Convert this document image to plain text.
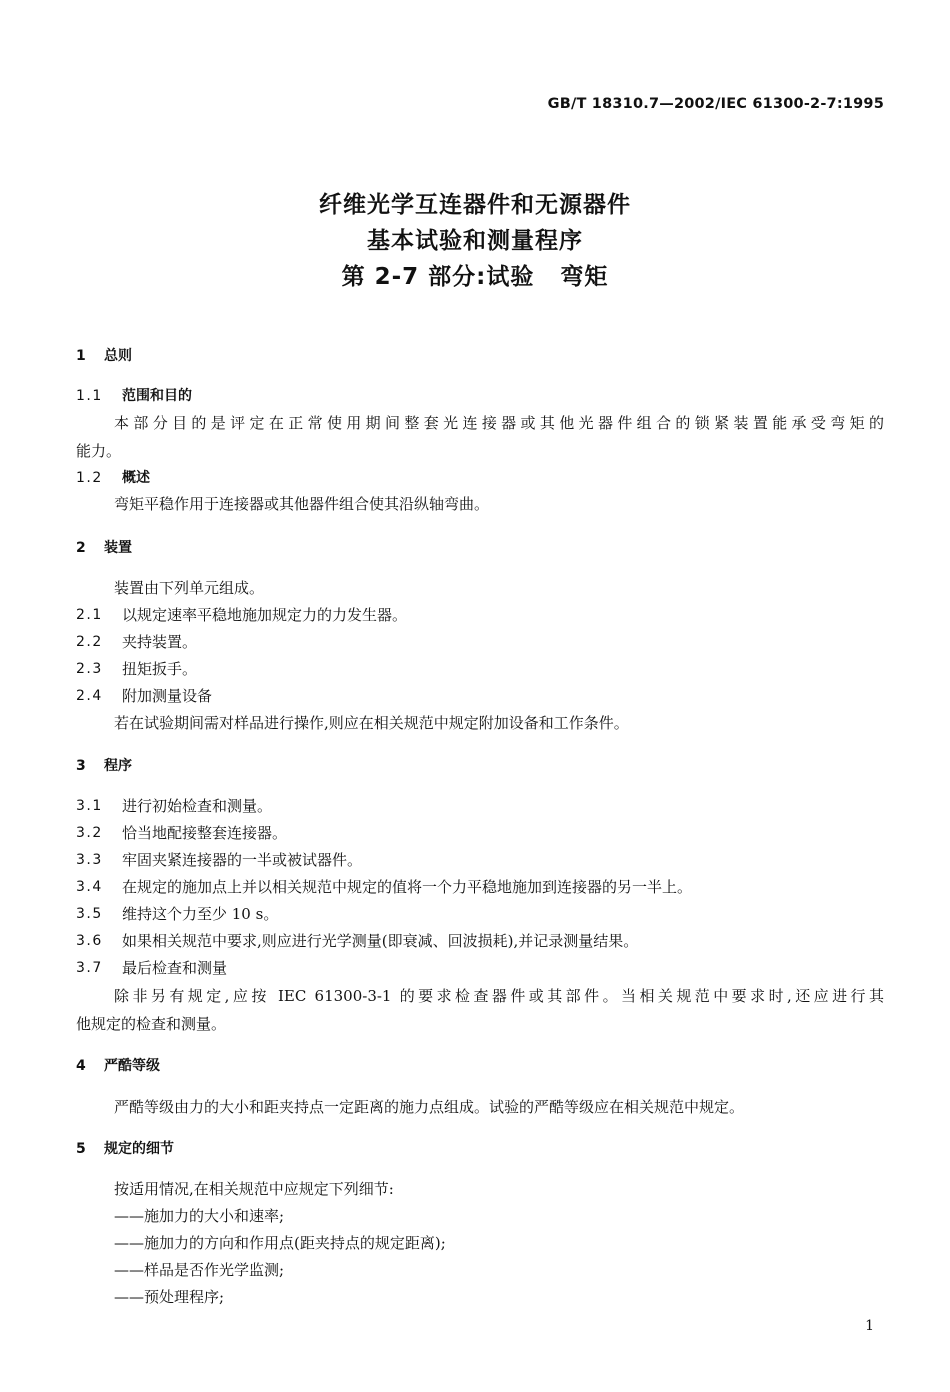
GB/T 18310.7—2002/IEC 61300-2-7:1995
纤维光学互连器件和无源器件
基本试验和测量程序
第 2-7 部分:试验 弯矩
1 总则
1.1 范围和目的
本部分目的是评定在正常使用期间整套光连接器或其他光器件组合的锁紧装置能承受弯矩的
能力。
1.2 概述
弯矩平稳作用于连接器或其他器件组合使其沿纵轴弯曲。
2 装置
装置由下列单元组成。
2.1 以规定速率平稳地施加规定力的力发生器。
2.2 夹持装置。
2.3 扭矩扳手。
2.4 附加测量设备
若在试验期间需对样品进行操作,则应在相关规范中规定附加设备和工作条件。
3 程序
3.1 进行初始检查和测量。
3.2 恰当地配接整套连接器。
3.3 牢固夹紧连接器的一半或被试器件。
3.4 在规定的施加点上并以相关规范中规定的值将一个力平稳地施加到连接器的另一半上。
3.5 维持这个力至少 10 s。
3.6 如果相关规范中要求,则应进行光学测量(即衰减、回波损耗),并记录测量结果。
3.7 最后检查和测量
除非另有规定,应按 IEC 61300-3-1 的要求检查器件或其部件。当相关规范中要求时,还应进行其
他规定的检查和测量。
4 严酷等级
严酷等级由力的大小和距夹持点一定距离的施力点组成。试验的严酷等级应在相关规范中规定。
5 规定的细节
按适用情况,在相关规范中应规定下列细节:
——施加力的大小和速率;
——施加力的方向和作用点(距夹持点的规定距离);
——样品是否作光学监测;
——预处理程序;
1
